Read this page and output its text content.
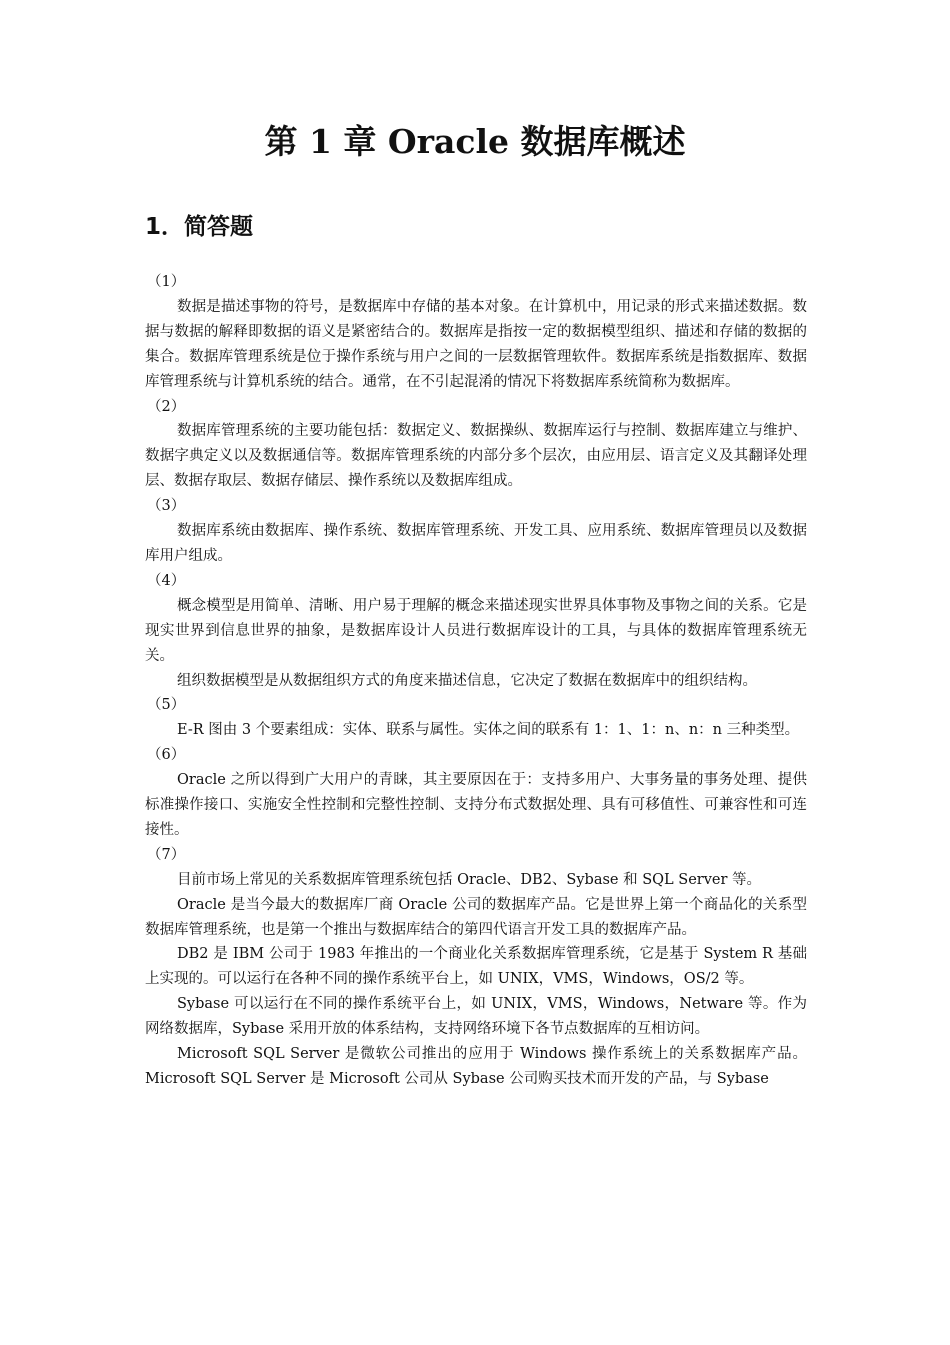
第 1 章 Oracle 数据库概述
1．简答题

（1）

数据是描述事物的符号，是数据库中存储的基本对象。在计算机中，用记录的形式来描述数据。数据与数据的解释即数据的语义是紧密结合的。数据库是指按一定的数据模型组织、描述和存储的数据的集合。数据库管理系统是位于操作系统与用户之间的一层数据管理软件。数据库系统是指数据库、数据库管理系统与计算机系统的结合。通常，在不引起混淆的情况下将数据库系统简称为数据库。

（2）

数据库管理系统的主要功能包括：数据定义、数据操纵、数据库运行与控制、数据库建立与维护、数据字典定义以及数据通信等。数据库管理系统的内部分多个层次，由应用层、语言定义及其翻译处理层、数据存取层、数据存储层、操作系统以及数据库组成。

（3）

数据库系统由数据库、操作系统、数据库管理系统、开发工具、应用系统、数据库管理员以及数据库用户组成。

（4）

概念模型是用简单、清晰、用户易于理解的概念来描述现实世界具体事物及事物之间的关系。它是现实世界到信息世界的抽象，是数据库设计人员进行数据库设计的工具，与具体的数据库管理系统无关。

组织数据模型是从数据组织方式的角度来描述信息，它决定了数据在数据库中的组织结构。

（5）

E-R 图由 3 个要素组成：实体、联系与属性。实体之间的联系有 1：1、1：n、n：n 三种类型。

（6）

Oracle 之所以得到广大用户的青睐，其主要原因在于：支持多用户、大事务量的事务处理、提供标准操作接口、实施安全性控制和完整性控制、支持分布式数据处理、具有可移值性、可兼容性和可连接性。

（7）

目前市场上常见的关系数据库管理系统包括 Oracle、DB2、Sybase 和 SQL Server 等。

Oracle 是当今最大的数据库厂商 Oracle 公司的数据库产品。它是世界上第一个商品化的关系型数据库管理系统，也是第一个推出与数据库结合的第四代语言开发工具的数据库产品。

DB2 是 IBM 公司于 1983 年推出的一个商业化关系数据库管理系统，它是基于 System R 基础上实现的。可以运行在各种不同的操作系统平台上，如 UNIX，VMS，Windows，OS/2 等。

Sybase 可以运行在不同的操作系统平台上，如 UNIX，VMS，Windows，Netware 等。作为网络数据库，Sybase 采用开放的体系结构，支持网络环境下各节点数据库的互相访问。

Microsoft SQL Server 是微软公司推出的应用于 Windows 操作系统上的关系数据库产品。Microsoft SQL Server 是 Microsoft 公司从 Sybase 公司购买技术而开发的产品，与 Sybase
